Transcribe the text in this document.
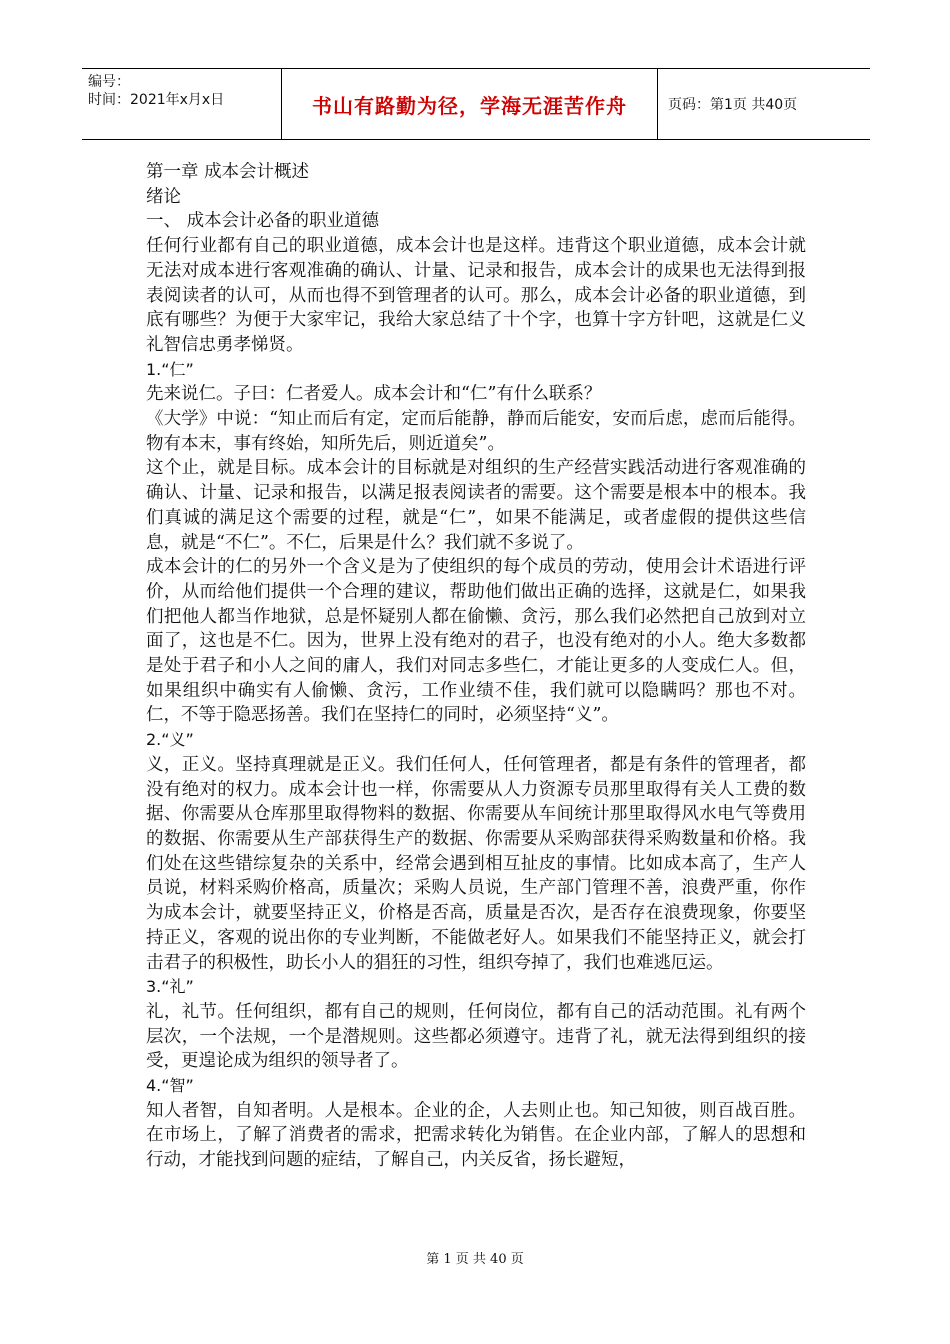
编号：
时间：2021年x月x日	书山有路勤为径，学海无涯苦作舟	页码：第1页 共40页

第一章 成本会计概述

绪论

一、 成本会计必备的职业道德

任何行业都有自己的职业道德，成本会计也是这样。违背这个职业道德，成本会计就无法对成本进行客观准确的确认、计量、记录和报告，成本会计的成果也无法得到报表阅读者的认可，从而也得不到管理者的认可。那么，成本会计必备的职业道德，到底有哪些？为便于大家牢记，我给大家总结了十个字，也算十字方针吧，这就是仁义礼智信忠勇孝悌贤。

1.“仁”

先来说仁。子曰：仁者爱人。成本会计和“仁”有什么联系？

《大学》中说：“知止而后有定，定而后能静，静而后能安，安而后虑，虑而后能得。物有本末，事有终始，知所先后，则近道矣”。

这个止，就是目标。成本会计的目标就是对组织的生产经营实践活动进行客观准确的确认、计量、记录和报告，以满足报表阅读者的需要。这个需要是根本中的根本。我们真诚的满足这个需要的过程，就是“仁”，如果不能满足，或者虚假的提供这些信息，就是“不仁”。不仁，后果是什么？我们就不多说了。

成本会计的仁的另外一个含义是为了使组织的每个成员的劳动，使用会计术语进行评价，从而给他们提供一个合理的建议，帮助他们做出正确的选择，这就是仁，如果我们把他人都当作地狱，总是怀疑别人都在偷懒、贪污，那么我们必然把自己放到对立面了，这也是不仁。因为，世界上没有绝对的君子，也没有绝对的小人。绝大多数都是处于君子和小人之间的庸人，我们对同志多些仁，才能让更多的人变成仁人。但，如果组织中确实有人偷懒、贪污，工作业绩不佳，我们就可以隐瞒吗？那也不对。仁，不等于隐恶扬善。我们在坚持仁的同时，必须坚持“义”。

2.“义”

义，正义。坚持真理就是正义。我们任何人，任何管理者，都是有条件的管理者，都没有绝对的权力。成本会计也一样，你需要从人力资源专员那里取得有关人工费的数据、你需要从仓库那里取得物料的数据、你需要从车间统计那里取得风水电气等费用的数据、你需要从生产部获得生产的数据、你需要从采购部获得采购数量和价格。我们处在这些错综复杂的关系中，经常会遇到相互扯皮的事情。比如成本高了，生产人员说，材料采购价格高，质量次；采购人员说，生产部门管理不善，浪费严重，你作为成本会计，就要坚持正义，价格是否高，质量是否次，是否存在浪费现象，你要坚持正义，客观的说出你的专业判断，不能做老好人。如果我们不能坚持正义，就会打击君子的积极性，助长小人的猖狂的习性，组织夸掉了，我们也难逃厄运。

3.“礼”

礼，礼节。任何组织，都有自己的规则，任何岗位，都有自己的活动范围。礼有两个层次，一个法规，一个是潜规则。这些都必须遵守。违背了礼，就无法得到组织的接受，更遑论成为组织的领导者了。

4.“智”

知人者智，自知者明。人是根本。企业的企，人去则止也。知己知彼，则百战百胜。在市场上，了解了消费者的需求，把需求转化为销售。在企业内部，了解人的思想和行动，才能找到问题的症结，了解自己，内关反省，扬长避短，

第 1 页 共 40 页
